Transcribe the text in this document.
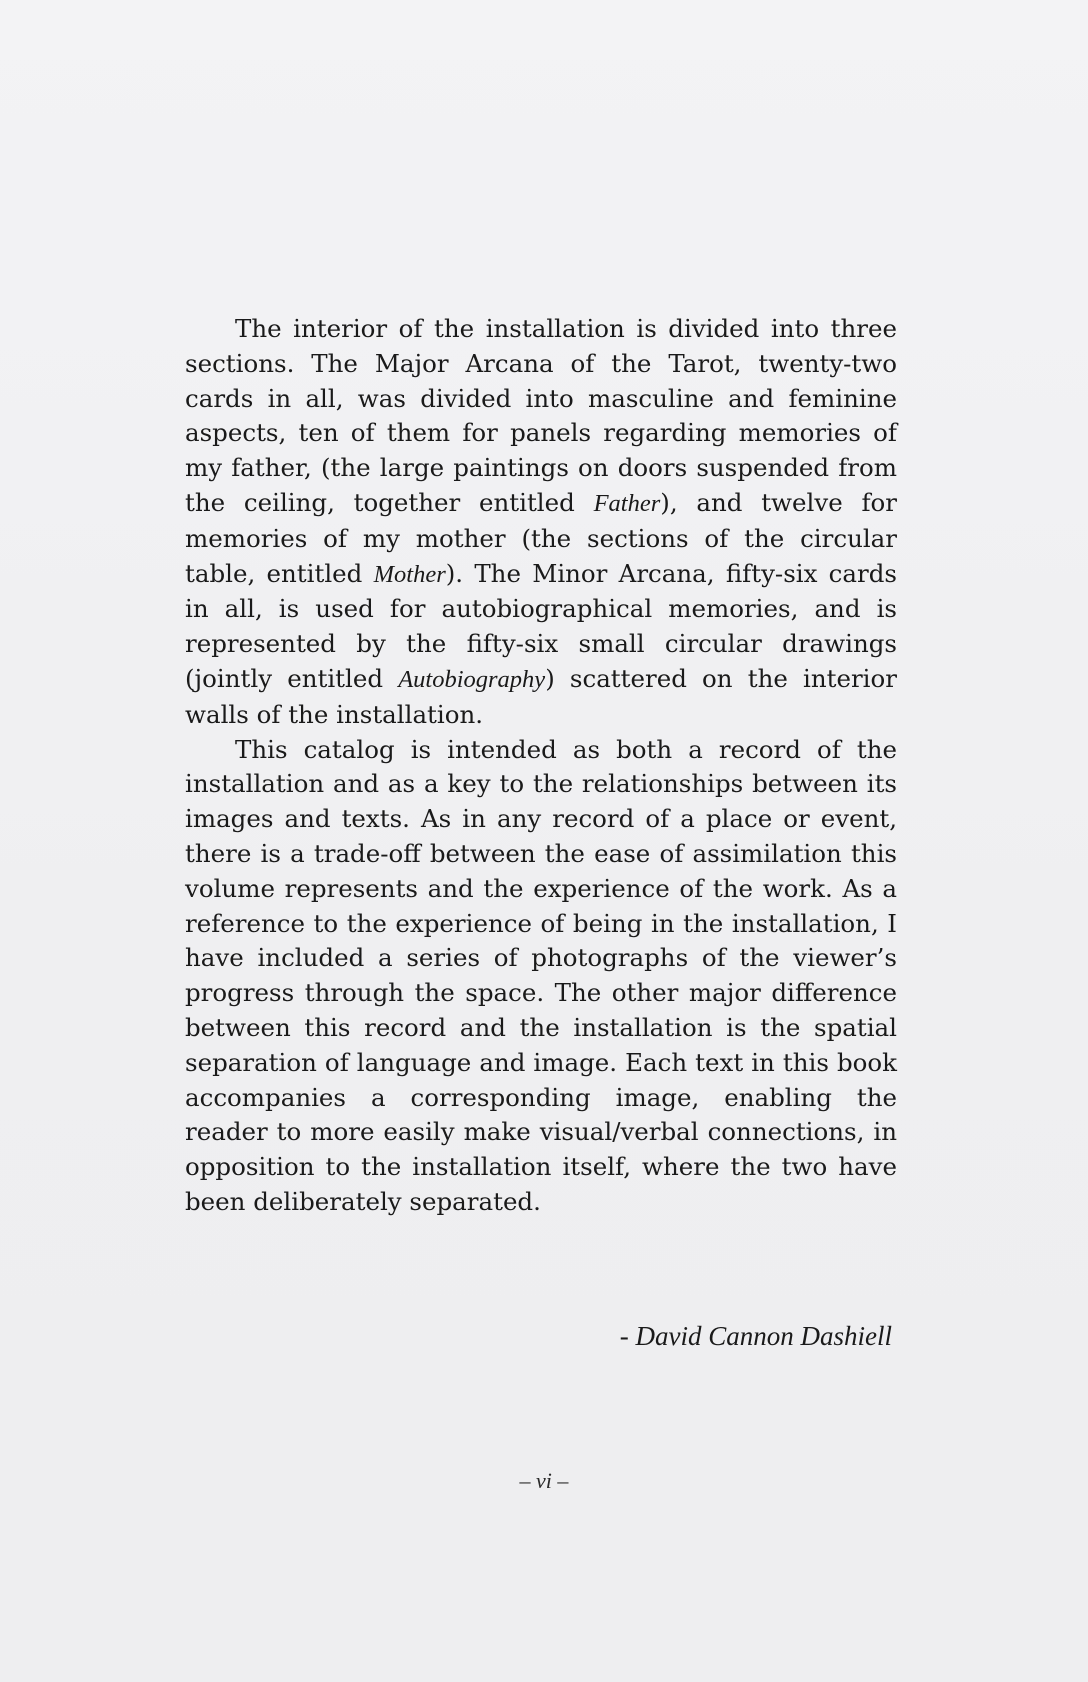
The interior of the installation is divided into three sections. The Major Arcana of the Tarot, twenty-two cards in all, was divided into masculine and feminine aspects, ten of them for panels regarding memories of my father, (the large paintings on doors suspended from the ceiling, together entitled Father), and twelve for memories of my mother (the sections of the circular table, entitled Mother). The Minor Arcana, fifty-six cards in all, is used for autobiographical memories, and is represented by the fifty-six small circular drawings (jointly entitled Autobiography) scattered on the interior walls of the installation.

This catalog is intended as both a record of the installation and as a key to the relationships between its images and texts. As in any record of a place or event, there is a trade-off between the ease of assimilation this volume represents and the experience of the work. As a reference to the experience of being in the installation, I have included a series of photographs of the viewer’s progress through the space. The other major difference between this record and the installation is the spatial separation of language and image. Each text in this book accompanies a corresponding image, enabling the reader to more easily make visual/verbal connections, in opposition to the installation itself, where the two have been deliberately separated.

- David Cannon Dashiell
– vi –
